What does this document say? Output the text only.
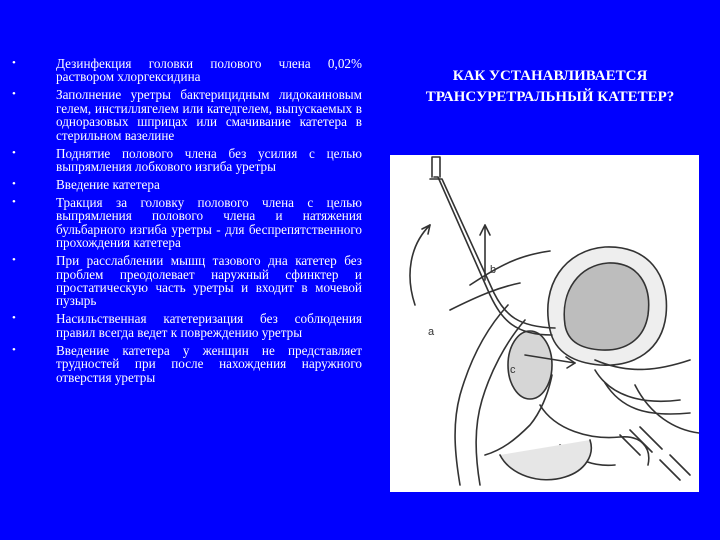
•	Дезинфекция головки полового члена 0,02% раствором хлоргексидина
•	Заполнение уретры бактерицидным лидокаиновым гелем, инстиллягелем или катедгелем, выпускаемых в одноразовых шприцах или смачивание катетера в стерильном вазелине
•	Поднятие полового члена без усилия с целью выпрямления лобкового изгиба уретры
•	Введение катетера
•	Тракция за головку полового члена с целью выпрямления полового члена и натяжения бульбарного изгиба уретры - для беспрепятственного прохождения катетера
•	При расслаблении мышц тазового дна катетер без проблем преодолевает наружный сфинктер и простатическую часть уретры и входит в мочевой пузырь
•	Насильственная катетеризация без соблюдения правил всегда ведет к повреждению уретры
•	Введение катетера у женщин не представляет трудностей при после нахождения наружного отверстия уретры
КАК УСТАНАВЛИВАЕТСЯ ТРАНСУРЕТРАЛЬНЫЙ КАТЕТЕР?
a
b
c
